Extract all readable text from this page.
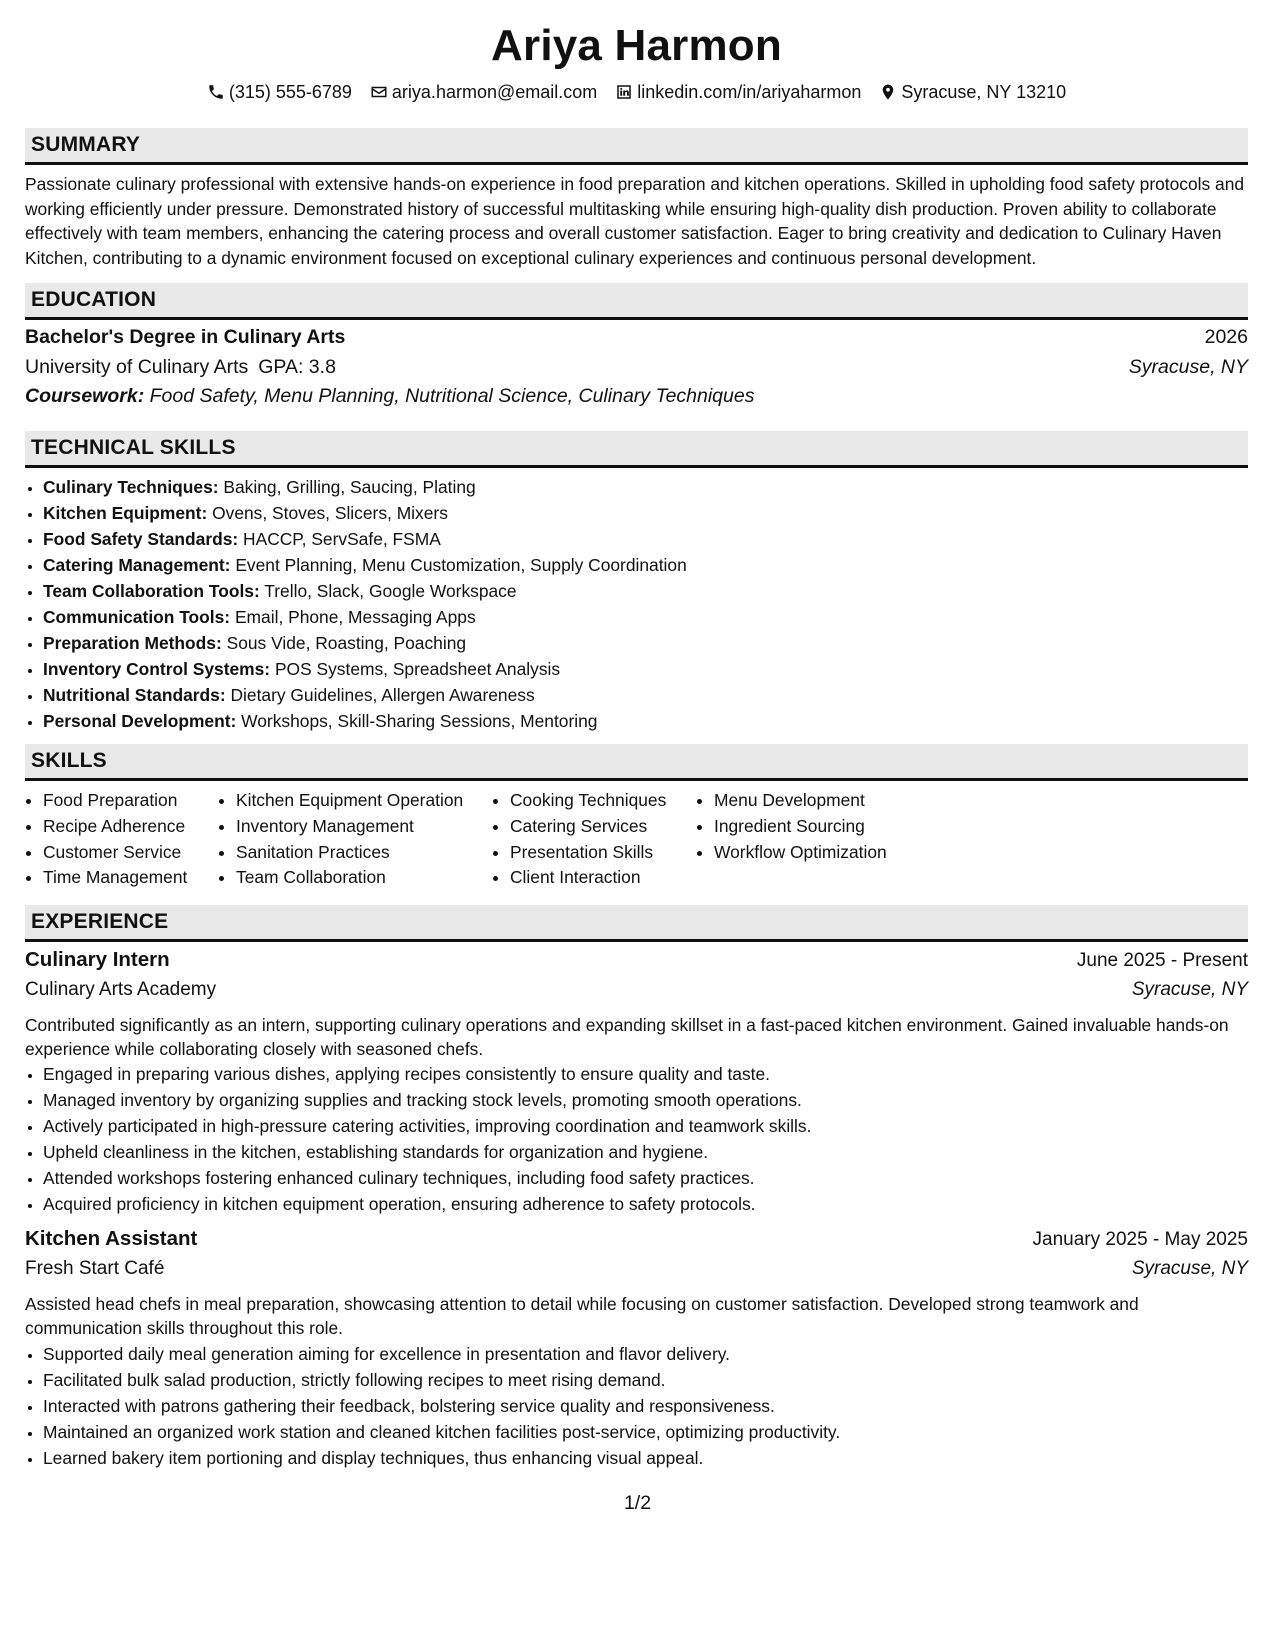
Ariya Harmon
(315) 555-6789 ariya.harmon@email.com linkedin.com/in/ariyaharmon Syracuse, NY 13210
SUMMARY

Passionate culinary professional with extensive hands-on experience in food preparation and kitchen operations. Skilled in upholding food safety protocols and working efficiently under pressure. Demonstrated history of successful multitasking while ensuring high-quality dish production. Proven ability to collaborate effectively with team members, enhancing the catering process and overall customer satisfaction. Eager to bring creativity and dedication to Culinary Haven Kitchen, contributing to a dynamic environment focused on exceptional culinary experiences and continuous personal development.

EDUCATION
Bachelor's Degree in Culinary Arts	2026
University of Culinary Arts GPA: 3.8	Syracuse, NY
Coursework: Food Safety, Menu Planning, Nutritional Science, Culinary Techniques
TECHNICAL SKILLS
• Culinary Techniques: Baking, Grilling, Saucing, Plating
• Kitchen Equipment: Ovens, Stoves, Slicers, Mixers
• Food Safety Standards: HACCP, ServSafe, FSMA
• Catering Management: Event Planning, Menu Customization, Supply Coordination
• Team Collaboration Tools: Trello, Slack, Google Workspace
• Communication Tools: Email, Phone, Messaging Apps
• Preparation Methods: Sous Vide, Roasting, Poaching
• Inventory Control Systems: POS Systems, Spreadsheet Analysis
• Nutritional Standards: Dietary Guidelines, Allergen Awareness
• Personal Development: Workshops, Skill-Sharing Sessions, Mentoring
SKILLS
• Food Preparation
• Recipe Adherence
• Customer Service
• Time Management
• Kitchen Equipment Operation
• Inventory Management
• Sanitation Practices
• Team Collaboration
• Cooking Techniques
• Catering Services
• Presentation Skills
• Client Interaction
• Menu Development
• Ingredient Sourcing
• Workflow Optimization
EXPERIENCE
Culinary Intern	June 2025 - Present
Culinary Arts Academy	Syracuse, NY

Contributed significantly as an intern, supporting culinary operations and expanding skillset in a fast-paced kitchen environment. Gained invaluable hands-on experience while collaborating closely with seasoned chefs.

• Engaged in preparing various dishes, applying recipes consistently to ensure quality and taste.
• Managed inventory by organizing supplies and tracking stock levels, promoting smooth operations.
• Actively participated in high-pressure catering activities, improving coordination and teamwork skills.
• Upheld cleanliness in the kitchen, establishing standards for organization and hygiene.
• Attended workshops fostering enhanced culinary techniques, including food safety practices.
• Acquired proficiency in kitchen equipment operation, ensuring adherence to safety protocols.
Kitchen Assistant	January 2025 - May 2025
Fresh Start Café	Syracuse, NY

Assisted head chefs in meal preparation, showcasing attention to detail while focusing on customer satisfaction. Developed strong teamwork and communication skills throughout this role.

• Supported daily meal generation aiming for excellence in presentation and flavor delivery.
• Facilitated bulk salad production, strictly following recipes to meet rising demand.
• Interacted with patrons gathering their feedback, bolstering service quality and responsiveness.
• Maintained an organized work station and cleaned kitchen facilities post-service, optimizing productivity.
• Learned bakery item portioning and display techniques, thus enhancing visual appeal.
1/2
